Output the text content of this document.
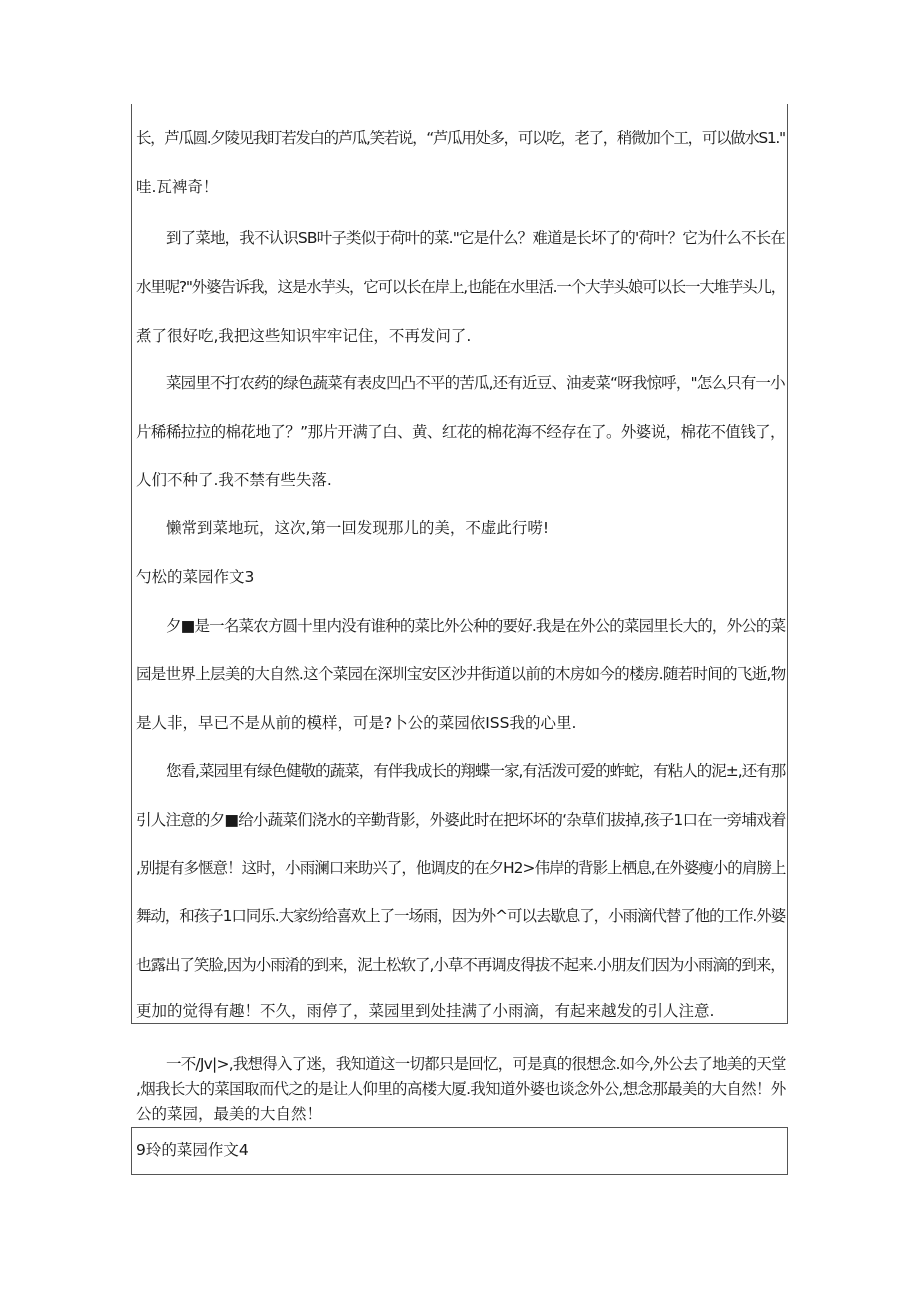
长，芦瓜圆.夕陵见我盯若发白的芦瓜,笑若说，“芦瓜用处多，可以吃，老了，稍微加个工，可以做水S1."
哇.瓦裨奇！
到了菜地，我不认识SB叶子类似于荷叶的菜."它是什么？难道是长坏了的'荷叶？它为什么不长在
水里呢?"外婆告诉我，这是水芋头，它可以长在岸上,也能在水里活.一个大芋头娘可以长一大堆芋头儿，
煮了很好吃,我把这些知识牢牢记住，不再发问了.
菜园里不打农药的绿色蔬菜有表皮凹凸不平的苦瓜,还有近豆、油麦菜“呀我惊呼，"怎么只有一小
片稀稀拉拉的棉花地了？”那片开满了白、黄、红花的棉花海不经存在了。外婆说，棉花不值钱了，
人们不种了.我不禁有些失落.
懒常到菜地玩，这次,第一回发现那儿的美，不虚此行唠!
勺松的菜园作文3
夕■是一名菜农方圆十里内没有谁种的菜比外公种的要好.我是在外公的菜园里长大的，外公的菜
园是世界上层美的大自然.这个菜园在深圳宝安区沙井街道以前的木房如今的楼房.随若时间的飞逝,物
是人非，早已不是从前的模样，可是?卜公的菜园依ISS我的心里.
您看,菜园里有绿色健敬的蔬菜，有伴我成长的翔蝶一家,有活泼可爱的蚱蛇，有粘人的泥±,还有那
引人注意的夕■给小蔬菜们浇水的辛勤背影，外婆此时在把坏坏的‘杂草们拔掉,孩子1口在一旁埔戏着
,别提有多惬意！这时，小雨澜口来助兴了，他调皮的在夕H2>伟岸的背影上栖息,在外婆瘦小的肩膀上
舞动，和孩子1口同乐.大家纷给喜欢上了一场雨，因为外^可以去歇息了，小雨滴代替了他的工作.外婆
也露出了笑脸,因为小雨淆的到来，泥土松软了,小草不再调皮得拔不起来.小朋友们因为小雨滴的到来，
更加的觉得有趣！不久，雨停了，菜园里到处挂满了小雨滴，有起来越发的引人注意.
一不/Jv|>,我想得入了迷，我知道这一切都只是回忆，可是真的很想念.如今,外公去了地美的天堂
,烟我长大的菜国取而代之的是让人仰里的高楼大厦.我知道外婆也谈念外公,想念那最美的大自然！外
公的菜园，最美的大自然！
9玲的菜园作文4
